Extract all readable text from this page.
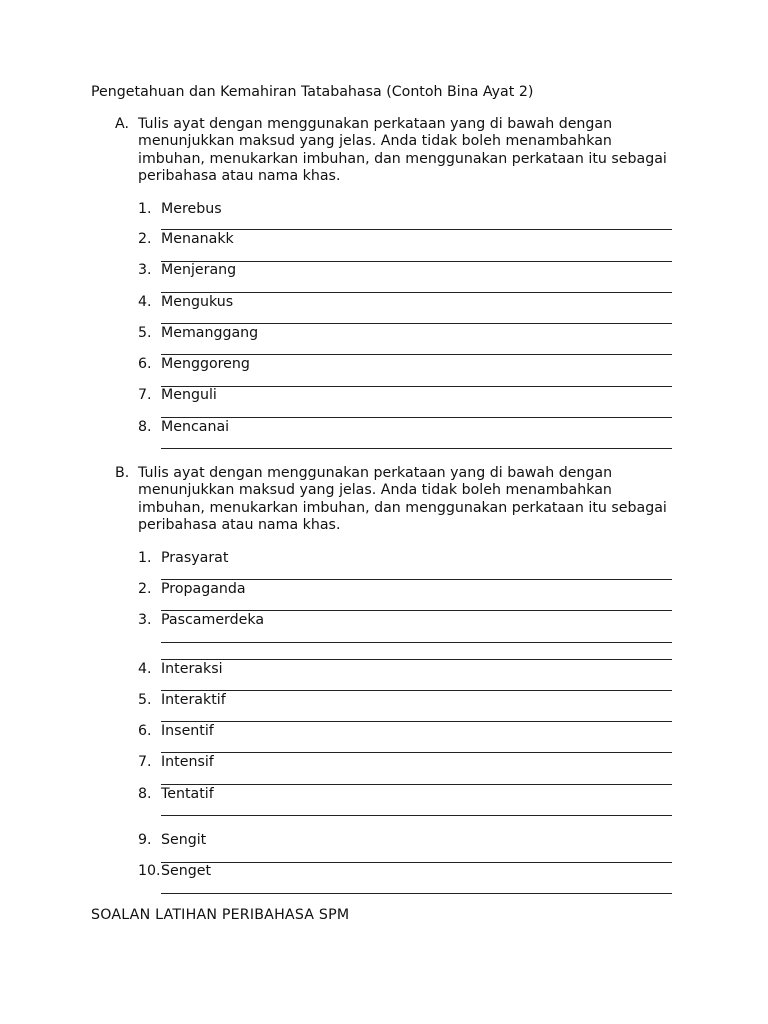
Pengetahuan dan Kemahiran Tatabahasa (Contoh Bina Ayat 2)
A. Tulis ayat dengan menggunakan perkataan yang di bawah dengan
menunjukkan maksud yang jelas. Anda tidak boleh menambahkan
imbuhan, menukarkan imbuhan, dan menggunakan perkataan itu sebagai
peribahasa atau nama khas.
1. Merebus
2. Menanakk
3. Menjerang
4. Mengukus
5. Memanggang
6. Menggoreng
7. Menguli
8. Mencanai
B. Tulis ayat dengan menggunakan perkataan yang di bawah dengan
menunjukkan maksud yang jelas. Anda tidak boleh menambahkan
imbuhan, menukarkan imbuhan, dan menggunakan perkataan itu sebagai
peribahasa atau nama khas.
1. Prasyarat
2. Propaganda
3. Pascamerdeka
4. Interaksi
5. Interaktif
6. Insentif
7. Intensif
8. Tentatif
9. Sengit
10. Senget
SOALAN LATIHAN PERIBAHASA SPM
